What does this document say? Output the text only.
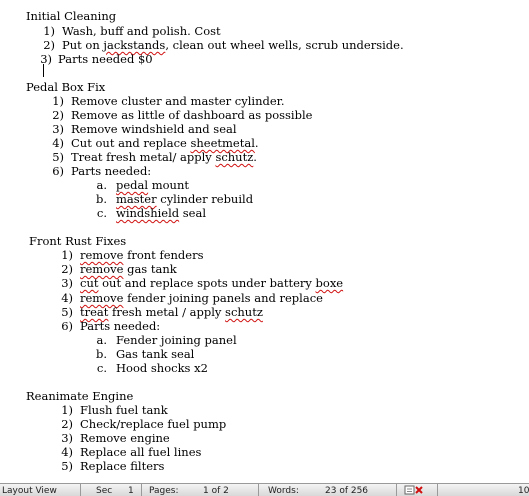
Initial Cleaning
1) Wash, buff and polish. Cost
2) Put on jackstands, clean out wheel wells, scrub underside.
3) Parts needed $0
Pedal Box Fix
1) Remove cluster and master cylinder.
2) Remove as little of dashboard as possible
3) Remove windshield and seal
4) Cut out and replace sheetmetal.
5) Treat fresh metal/ apply schutz.
6) Parts needed:
a. pedal mount
b. master cylinder rebuild
c. windshield seal
Front Rust Fixes
1) remove front fenders
2) remove gas tank
3) cut out and replace spots under battery boxe
4) remove fender joining panels and replace
5) treat fresh metal / apply schutz
6) Parts needed:
a. Fender joining panel
b. Gas tank seal
c. Hood shocks x2
Reanimate Engine
1) Flush fuel tank
2) Check/replace fuel pump
3) Remove engine
4) Replace all fuel lines
5) Replace filters
Layout View	Sec 1 Pages:	1 of 2	Words:	23 of 256	10
